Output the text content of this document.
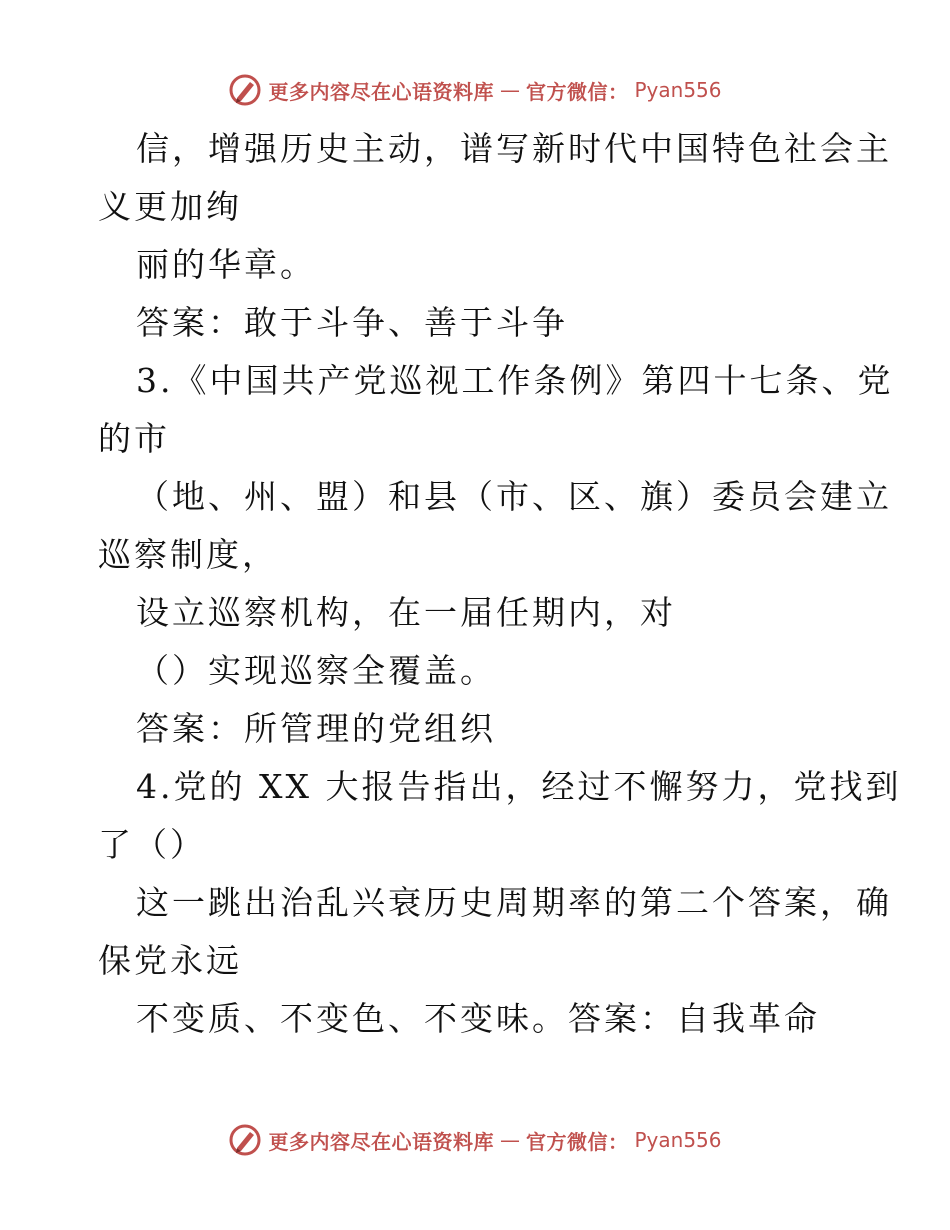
更多内容尽在心语资料库 — 官方微信： Pyan556
信，增强历史主动，谱写新时代中国特色社会主
义更加绚
丽的华章。
答案：敢于斗争、善于斗争
3.《中国共产党巡视工作条例》第四十七条、党
的市
（地、州、盟）和县（市、区、旗）委员会建立
巡察制度，
设立巡察机构，在一届任期内，对
（）实现巡察全覆盖。
答案：所管理的党组织
4.党的 XX 大报告指出，经过不懈努力，党找到
了（）
这一跳出治乱兴衰历史周期率的第二个答案，确
保党永远
不变质、不变色、不变味。答案：自我革命
更多内容尽在心语资料库 — 官方微信： Pyan556
